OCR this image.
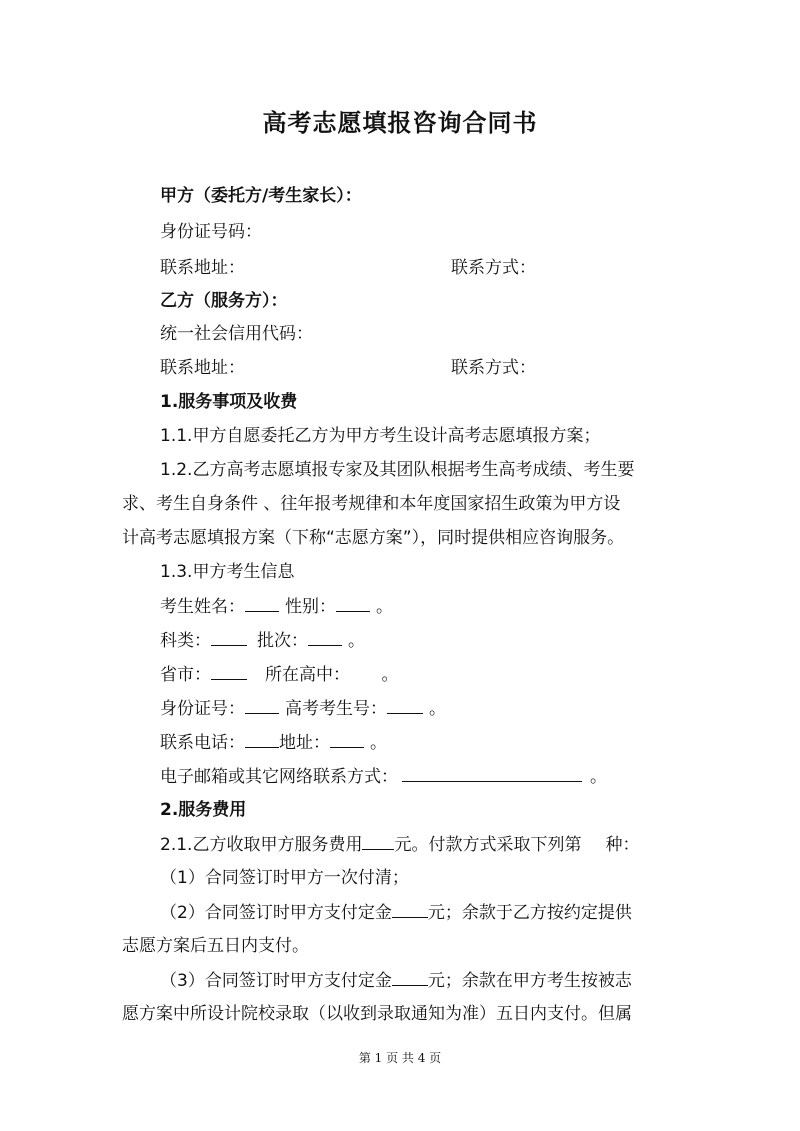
高考志愿填报咨询合同书
甲方（委托方/考生家长）：
身份证号码：
联系地址：	联系方式：
乙方（服务方）：
统一社会信用代码：
联系地址：	联系方式：
1.服务事项及收费
1.1.甲方自愿委托乙方为甲方考生设计高考志愿填报方案；
1.2.乙方高考志愿填报专家及其团队根据考生高考成绩、考生要
求、考生自身条件 、往年报考规律和本年度国家招生政策为甲方设
计高考志愿填报方案（下称“志愿方案”），同时提供相应咨询服务。
1.3.甲方考生信息
考生姓名： 性别： 。
科类：	批次： 。
省市：	所在高中： 。
身份证号： 高考考生号： 。
联系电话： 地址： 。
电子邮箱或其它网络联系方式：	。
2.服务费用
2.1.乙方收取甲方服务费用 元。付款方式采取下列第 种：
（1）合同签订时甲方一次付清；
（2）合同签订时甲方支付定金 元；余款于乙方按约定提供
志愿方案后五日内支付。
（3）合同签订时甲方支付定金 元；余款在甲方考生按被志
愿方案中所设计院校录取（以收到录取通知为准）五日内支付。但属
第 1 页 共 4 页
